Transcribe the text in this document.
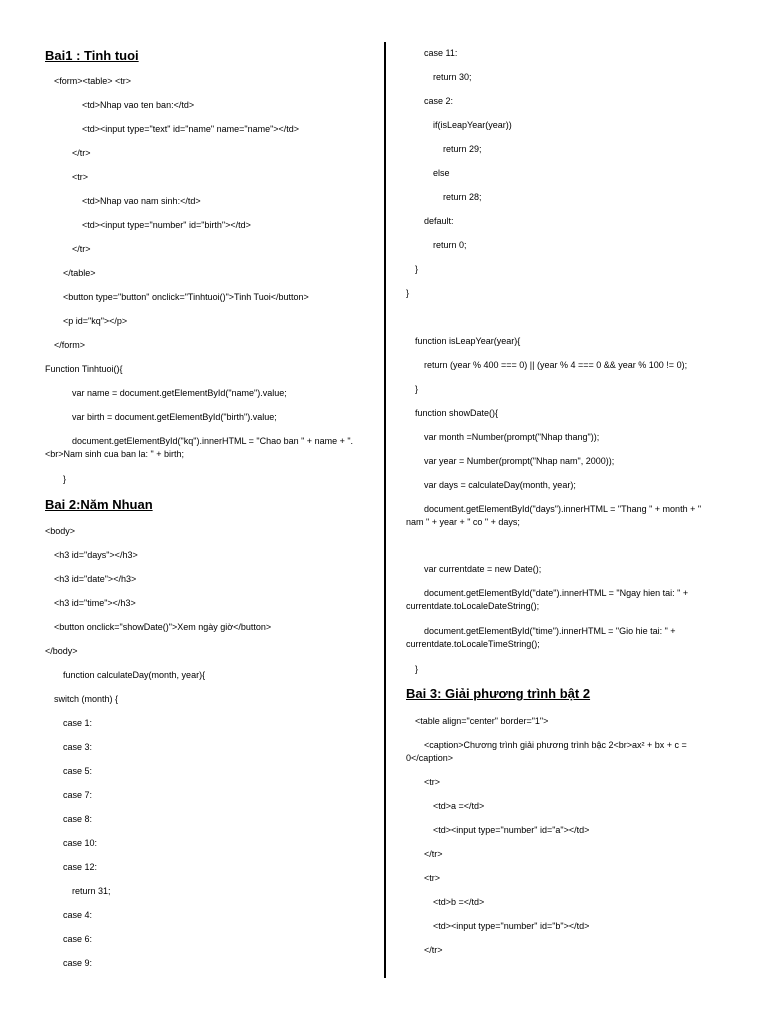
Bai1 : Tinh tuoi
<form><table> <tr>
<td>Nhap vao ten ban:</td>
<td><input type="text" id="name" name="name"></td>
</tr>
<tr>
<td>Nhap vao nam sinh:</td>
<td><input type="number" id="birth"></td>
</tr>
</table>
<button type="button" onclick="Tinhtuoi()">Tinh Tuoi</button>
<p id="kq"></p>
</form>
Function Tinhtuoi(){
var name = document.getElementById("name").value;
var birth = document.getElementById("birth").value;
document.getElementById("kq").innerHTML = "Chao ban " + name + ".
<br>Nam sinh cua ban la: " + birth;
}
Bai 2:Năm Nhuan
<body>
<h3 id="days"></h3>
<h3 id="date"></h3>
<h3 id="time"></h3>
<button onclick="showDate()">Xem ngày giờ</button>
</body>
function calculateDay(month, year){
switch (month) {
case 1:
case 3:
case 5:
case 7:
case 8:
case 10:
case 12:
return 31;
case 4:
case 6:
case 9:
case 11:
return 30;
case 2:
if(isLeapYear(year))
return 29;
else
return 28;
default:
return 0;
}
}
function isLeapYear(year){
return (year % 400 === 0) || (year % 4 === 0 && year % 100 != 0);
}
function showDate(){
var month =Number(prompt("Nhap thang"));
var year = Number(prompt("Nhap nam", 2000));
var days = calculateDay(month, year);
document.getElementById("days").innerHTML = "Thang " + month + "
nam " + year + " co " + days;
var currentdate = new Date();
document.getElementById("date").innerHTML = "Ngay hien tai: " +
currentdate.toLocaleDateString();
document.getElementById("time").innerHTML = "Gio hie tai: " +
currentdate.toLocaleTimeString();
}
Bai 3: Giải phương trình bật 2
<table align="center" border="1">
<caption>Chương trình giải phương trình bậc 2<br>ax² + bx + c =
0</caption>
<tr>
<td>a =</td>
<td><input type="number" id="a"></td>
</tr>
<tr>
<td>b =</td>
<td><input type="number" id="b"></td>
</tr>
